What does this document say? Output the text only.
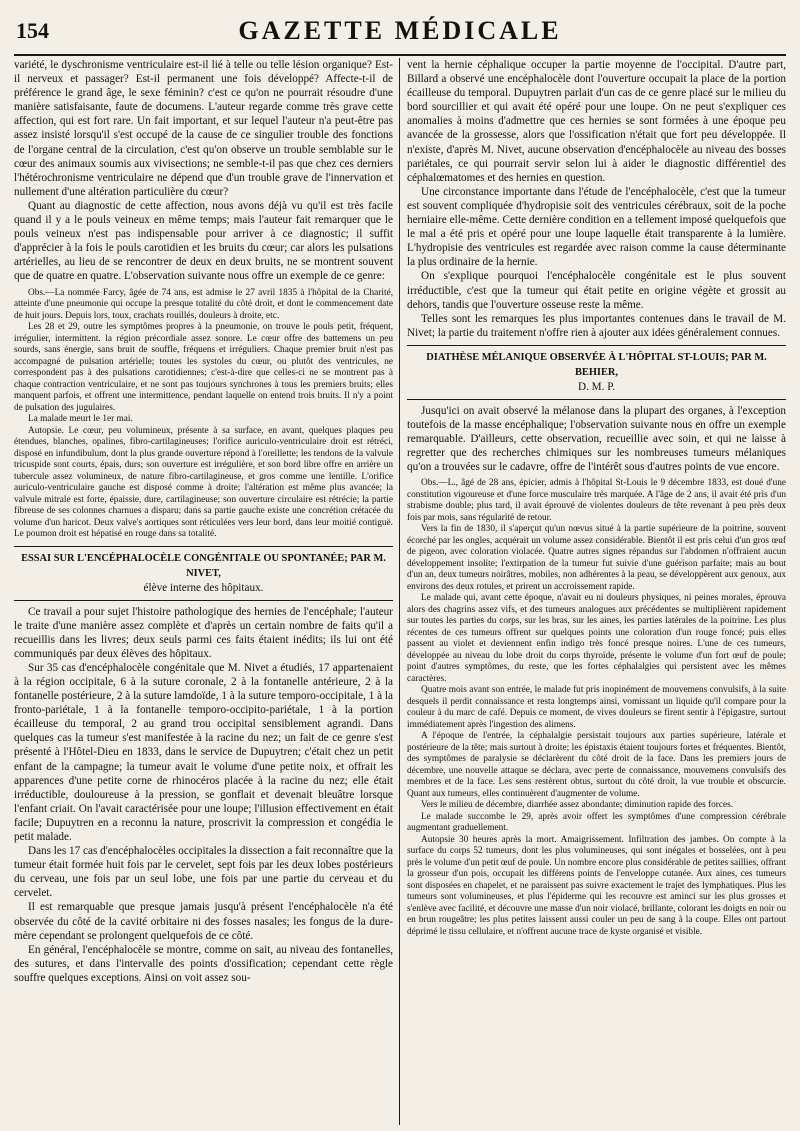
154	GAZETTE MÉDICALE

variété, le dyschronisme ventriculaire est-il lié à telle ou telle lésion organique? Est-il nerveux et passager? Est-il permanent une fois développé? Affecte-t-il de préférence le grand âge, le sexe féminin? c'est ce qu'on ne pourrait résoudre d'une manière satisfaisante, faute de documens. L'auteur regarde comme très grave cette affection, qui est fort rare. Un fait important, et sur lequel l'auteur n'a peut-être pas assez insisté lorsqu'il s'est occupé de la cause de ce singulier trouble des fonctions de l'organe central de la circulation, c'est qu'on observe un trouble semblable sur le cœur des animaux soumis aux vivisections; ne semble-t-il pas que chez ces derniers l'hétérochronisme ventriculaire ne dépend que d'un trouble grave de l'innervation et nullement d'une altération particulière du cœur?

Quant au diagnostic de cette affection, nous avons déjà vu qu'il est très facile quand il y a le pouls veineux en même temps; mais l'auteur fait remarquer que le pouls veineux n'est pas indispensable pour arriver à ce diagnostic; il suffit d'apprécier à la fois le pouls carotidien et les bruits du cœur; car alors les pulsations artérielles, au lieu de se rencontrer de deux en deux bruits, ne se montrent souvent que de quatre en quatre. L'observation suivante nous offre un exemple de ce genre:

Obs.—La nommée Farcy, âgée de 74 ans, est admise le 27 avril 1835 à l'hôpital de la Charité, atteinte d'une pneumonie qui occupe la presque totalité du côté droit, et dont le commencement date de huit jours. Depuis lors, toux, crachats rouillés, douleurs à droite, etc.

Les 28 et 29, outre les symptômes propres à la pneumonie, on trouve le pouls petit, fréquent, irrégulier, intermittent. la région précordiale assez sonore. Le cœur offre des battemens un peu sourds, sans énergie, sans bruit de souffle, fréquens et irréguliers. Chaque premier bruit n'est pas accompagné de pulsation artérielle; toutes les systoles du cœur, ou plutôt des ventricules, ne correspondent pas à des pulsations carotidiennes; c'est-à-dire que celles-ci ne se montrent pas à chaque contraction ventriculaire, et ne sont pas toujours synchrones à tous les premiers bruits; elles manquent parfois, et offrent une intermittence, pendant laquelle on entend trois bruits. Il n'y a point de pulsation des jugulaires.

La malade meurt le 1er mai.

Autopsie. Le cœur, peu volumineux, présente à sa surface, en avant, quelques plaques peu étendues, blanches, opalines, fibro-cartilagineuses; l'orifice auriculo-ventriculaire droit est rétréci, disposé en infundibulum, dont la plus grande ouverture répond à l'oreillette; les tendons de la valvule tricuspide sont courts, épais, durs; son ouverture est irrégulière, et son bord libre offre en arrière un tubercule assez volumineux, de nature fibro-cartilagineuse, et gros comme une lentille. L'orifice auriculo-ventriculaire gauche est disposé comme à droite; l'altération est même plus avancée; la valvule mitrale est forte, épaissie, dure, cartilagineuse; son ouverture circulaire est rétrécie; la partie fibreuse de ses colonnes charnues a disparu; dans sa partie gauche existe une concrétion crétacée du volume d'un haricot. Deux valve's aortiques sont réticulées vers leur bord, dans leur moitié contiguë. Le poumon droit est hépatisé en rouge dans sa totalité.

ESSAI SUR L'ENCÉPHALOCÈLE CONGÉNITALE OU SPONTANÉE; PAR M. NIVET,
élève interne des hôpitaux.

Ce travail a pour sujet l'histoire pathologique des hernies de l'encéphale; l'auteur le traite d'une manière assez complète et d'après un certain nombre de faits qu'il a recueillis dans les livres; deux seuls parmi ces faits étaient inédits; ils lui ont été communiqués par deux élèves des hôpitaux.

Sur 35 cas d'encéphalocèle congénitale que M. Nivet a étudiés, 17 appartenaient à la région occipitale, 6 à la suture coronale, 2 à la fontanelle antérieure, 2 à la fontanelle postérieure, 2 à la suture lamdoïde, 1 à la suture temporo-occipitale, 1 à la fronto-pariétale, 1 à la fontanelle temporo-occipito-pariétale, 1 à la portion écailleuse du temporal, 2 au grand trou occipital sensiblement agrandi. Dans quelques cas la tumeur s'est manifestée à la racine du nez; un fait de ce genre s'est présenté à l'Hôtel-Dieu en 1833, dans le service de Dupuytren; c'était chez un petit enfant de la campagne; la tumeur avait le volume d'une petite noix, et offrait les apparences d'une petite corne de rhinocéros placée à la racine du nez; elle était irréductible, douloureuse à la pression, se gonflait et devenait bleuâtre lorsque l'enfant criait. On l'avait caractérisée pour une loupe; l'illusion effectivement en était facile; Dupuytren en a reconnu la nature, proscrivit la compression et congédia le petit malade.

Dans les 17 cas d'encéphalocèles occipitales la dissection a fait reconnaître que la tumeur était formée huit fois par le cervelet, sept fois par les deux lobes postérieurs du cerveau, une fois par un seul lobe, une fois par une partie du cerveau et du cervelet.

Il est remarquable que presque jamais jusqu'à présent l'encéphalocèle n'a été observée du côté de la cavité orbitaire ni des fosses nasales; les fongus de la dure-mère cependant se prolongent quelquefois de ce côté.

En général, l'encéphalocèle se montre, comme on sait, au niveau des fontanelles, des sutures, et dans l'intervalle des points d'ossification; cependant cette règle souffre quelques exceptions. Ainsi on voit assez sou-

vent la hernie céphalique occuper la partie moyenne de l'occipital. D'autre part, Billard a observé une encéphalocèle dont l'ouverture occupait la place de la portion écailleuse du temporal. Dupuytren parlait d'un cas de ce genre placé sur le milieu du bord sourcillier et qui avait été opéré pour une loupe. On ne peut s'expliquer ces anomalies à moins d'admettre que ces hernies se sont formées à une époque peu avancée de la grossesse, alors que l'ossification n'était que fort peu développée. Il n'existe, d'après M. Nivet, aucune observation d'encéphalocèle au niveau des bosses pariétales, ce qui pourrait servir selon lui à aider le diagnostic différentiel des céphalœmatomes et des hernies en question.

Une circonstance importante dans l'étude de l'encéphalocèle, c'est que la tumeur est souvent compliquée d'hydropisie soit des ventricules cérébraux, soit de la poche herniaire elle-même. Cette dernière condition en a tellement imposé quelquefois que le mal a été pris et opéré pour une loupe laquelle était transparente à la lumière. L'hydropisie des ventricules est regardée avec raison comme la cause déterminante la plus ordinaire de la hernie.

On s'explique pourquoi l'encéphalocèle congénitale est le plus souvent irréductible, c'est que la tumeur qui était petite en origine végète et grossit au dehors, tandis que l'ouverture osseuse reste la même.

Telles sont les remarques les plus importantes contenues dans le travail de M. Nivet; la partie du traitement n'offre rien à ajouter aux idées généralement connues.

DIATHÈSE MÉLANIQUE OBSERVÉE À L'HÔPITAL ST-LOUIS; PAR M. BEHIER,
D. M. P.

Jusqu'ici on avait observé la mélanose dans la plupart des organes, à l'exception toutefois de la masse encéphalique; l'observation suivante nous en offre un exemple remarquable. D'ailleurs, cette observation, recueillie avec soin, et qui ne laisse à regretter que des recherches chimiques sur les nombreuses tumeurs mélaniques qu'on a trouvées sur le cadavre, offre de l'intérêt sous d'autres points de vue encore.

Obs.—L., âgé de 28 ans, épicier, admis à l'hôpital St-Louis le 9 décembre 1833, est doué d'une constitution vigoureuse et d'une force musculaire très marquée. A l'âge de 2 ans, il avait été pris d'un strabisme double; plus tard, il avait éprouvé de violentes douleurs de tête revenant à peu près deux fois par mois, sans régularité de retour.

Vers la fin de 1830, il s'aperçut qu'un nœvus situé à la partie supérieure de la poitrine, souvent écorché par les ongles, acquérait un volume assez considérable. Bientôt il est pris celui d'un gros œuf de pigeon, avec coloration violacée. Quatre autres signes répandus sur l'abdomen n'offraient aucun développement insolite; l'extirpation de la tumeur fut suivie d'une guérison parfaite; mais au bout d'un an, deux tumeurs noirâtres, mobiles, non adhérentes à la peau, se développèrent aux genoux, aux environs des deux rotules, et prirent un accroissement rapide.

Le malade qui, avant cette époque, n'avait eu ni douleurs physiques, ni peines morales, éprouva alors des chagrins assez vifs, et des tumeurs analogues aux précédentes se multiplièrent rapidement sur toutes les parties du corps, sur les bras, sur les aines, les parties latérales de la poitrine. Les plus récentes de ces tumeurs offrent sur quelques points une coloration d'un rouge foncé; puis elles passent au violet et deviennent enfin indigo très foncé presque noires. L'une de ces tumeurs, développée au niveau du lobe droit du corps thyroïde, présente le volume d'un fort œuf de poule; point d'autres symptômes, du reste, que les fortes céphalalgies qui persistent avec les mêmes caractères.

Quatre mois avant son entrée, le malade fut pris inopinément de mouvemens convulsifs, à la suite desquels il perdit connaissance et resta longtemps ainsi, vomissant un liquide qu'il compare pour la couleur à du marc de café. Depuis ce moment, de vives douleurs se firent sentir à l'épigastre, surtout immédiatement après l'ingestion des alimens.

A l'époque de l'entrée, la céphalalgie persistait toujours aux parties supérieure, latérale et postérieure de la tête; mais surtout à droite; les épistaxis étaient toujours fortes et fréquentes. Bientôt, des symptômes de paralysie se déclarèrent du côté droit de la face. Dans les premiers jours de décembre, une nouvelle attaque se déclara, avec perte de connaissance, mouvemens convulsifs des membres et de la face. Les sens restèrent obtus, surtout du côté droit, la vue trouble et obscurcie. Quant aux tumeurs, elles continuèrent d'augmenter de volume.

Vers le milieu de décembre, diarrhée assez abondante; diminution rapide des forces.

Le malade succombe le 29, après avoir offert les symptômes d'une compression cérébrale augmentant graduellement.

Autopsie 30 heures après la mort. Amaigrissement. Infiltration des jambes. On compte à la surface du corps 52 tumeurs, dont les plus volumineuses, qui sont inégales et bosselées, ont à peu près le volume d'un petit œuf de poule. Un nombre encore plus considérable de petites saillies, offrant la grosseur d'un pois, occupait les différens points de l'enveloppe cutanée. Aux aines, ces tumeurs sont disposées en chapelet, et ne paraissent pas suivre exactement le trajet des lymphatiques. Plus les tumeurs sont volumineuses, et plus l'épiderme qui les recouvre est aminci sur les plus grosses et s'enlève avec facilité, et découvre une masse d'un noir violacé, brillante, colorant les doigts en noir ou en brun rougeâtre; les plus petites laissent aussi couler un peu de sang à la coupe. Elles ont partout déprimé le tissu cellulaire, et n'offrent aucune trace de kyste organisé et visible.
